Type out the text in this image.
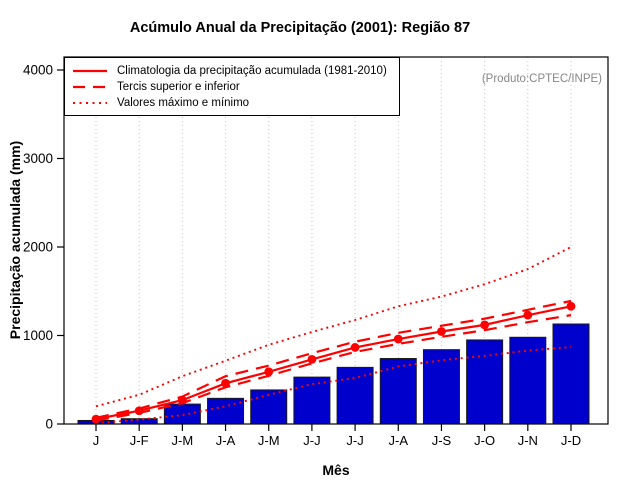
Acúmulo Anual da Precipitação (2001): Região 87
0
1000
2000
3000
4000
J J-F J-M J-A J-M J-J J-J J-A J-S J-O J-N J-D
Precipitação acumulada (mm)
Mês
Climatologia da precipitação acumulada (1981-2010)
Tercis superior e inferior
Valores máximo e mínimo
(Produto:CPTEC/INPE)
